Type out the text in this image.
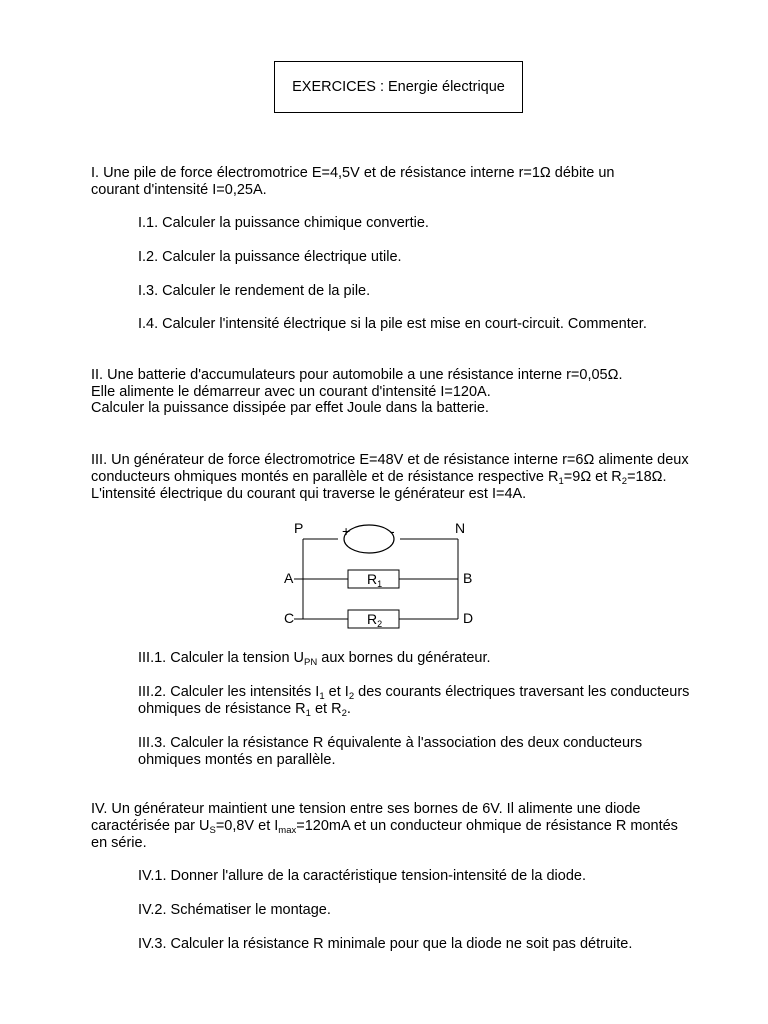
EXERCICES : Energie électrique
I. Une pile de force électromotrice E=4,5V et de résistance interne r=1Ω débite un
courant d'intensité I=0,25A.
I.1. Calculer la puissance chimique convertie.
I.2. Calculer la puissance électrique utile.
I.3. Calculer le rendement de la pile.
I.4. Calculer l'intensité électrique si la pile est mise en court-circuit. Commenter.
II. Une batterie d'accumulateurs pour automobile a une résistance interne r=0,05Ω.
Elle alimente le démarreur avec un courant d'intensité I=120A.
Calculer la puissance dissipée par effet Joule dans la batterie.
III. Un générateur de force électromotrice E=48V et de résistance interne r=6Ω alimente deux
conducteurs ohmiques montés en parallèle et de résistance respective $R_1=9\Omega$ et $R_2=18\Omega$.
L'intensité électrique du courant qui traverse le générateur est I=4A.
P	N
+	-
A	B
C	D
$R_1$
$R_2$
III.1. Calculer la tension $U_{PN}$ aux bornes du générateur.
III.2. Calculer les intensités $I_1$ et $I_2$ des courants électriques traversant les conducteurs
ohmiques de résistance $R_1$ et $R_2$.
III.3. Calculer la résistance R équivalente à l'association des deux conducteurs
ohmiques montés en parallèle.
IV. Un générateur maintient une tension entre ses bornes de 6V. Il alimente une diode
caractérisée par $U_S=0,8V$ et $I_{max}=120mA$ et un conducteur ohmique de résistance R montés
en série.
IV.1. Donner l'allure de la caractéristique tension-intensité de la diode.
IV.2. Schématiser le montage.
IV.3. Calculer la résistance R minimale pour que la diode ne soit pas détruite.
